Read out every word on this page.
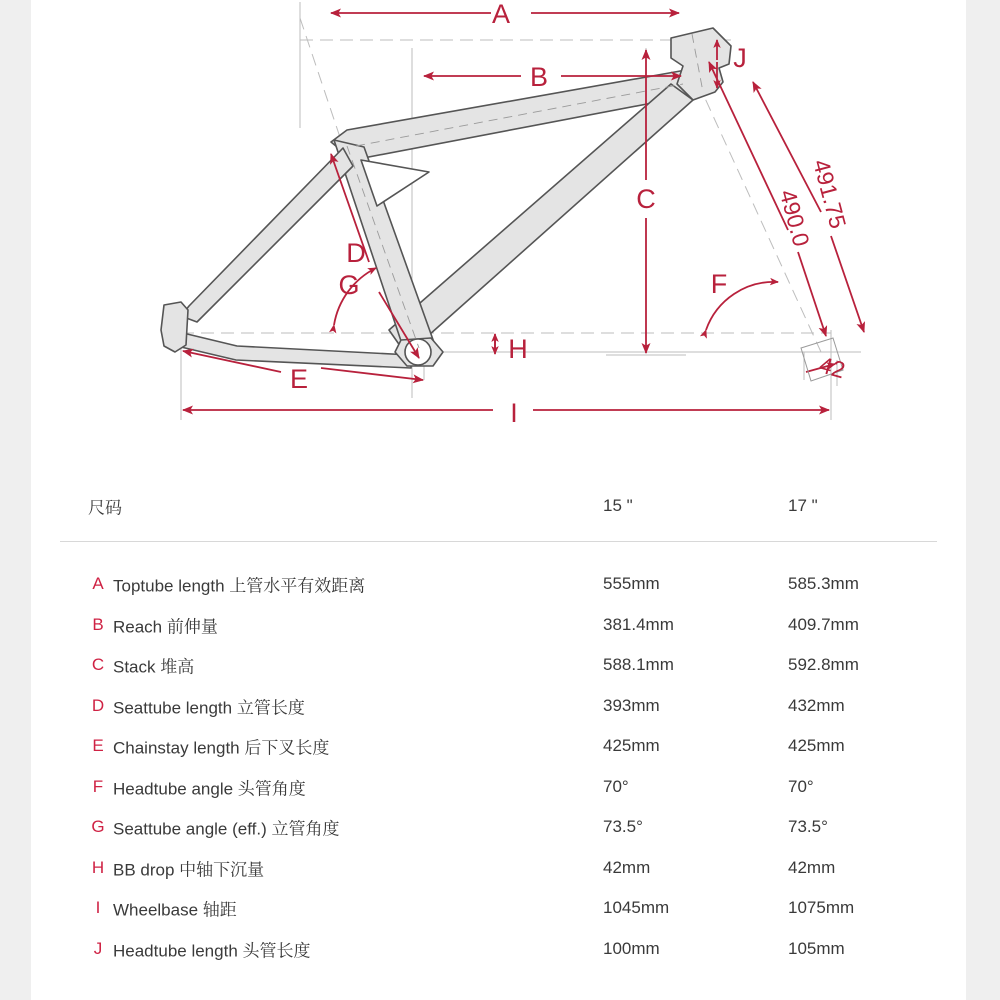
A
B
C
D
E
F
G
H
I
J
491.75
490.0
42
尺码	15 "	17 "
A Toptube length 上管水平有效距离	555mm	585.3mm
B Reach 前伸量	381.4mm	409.7mm
C Stack 堆高	588.1mm	592.8mm
D Seattube length 立管长度	393mm	432mm
E Chainstay length 后下叉长度	425mm	425mm
F Headtube angle 头管角度	70°	70°
G Seattube angle (eff.) 立管角度	73.5°	73.5°
H BB drop 中轴下沉量	42mm	42mm
I Wheelbase 轴距	1045mm	1075mm
J Headtube length 头管长度	100mm	105mm
